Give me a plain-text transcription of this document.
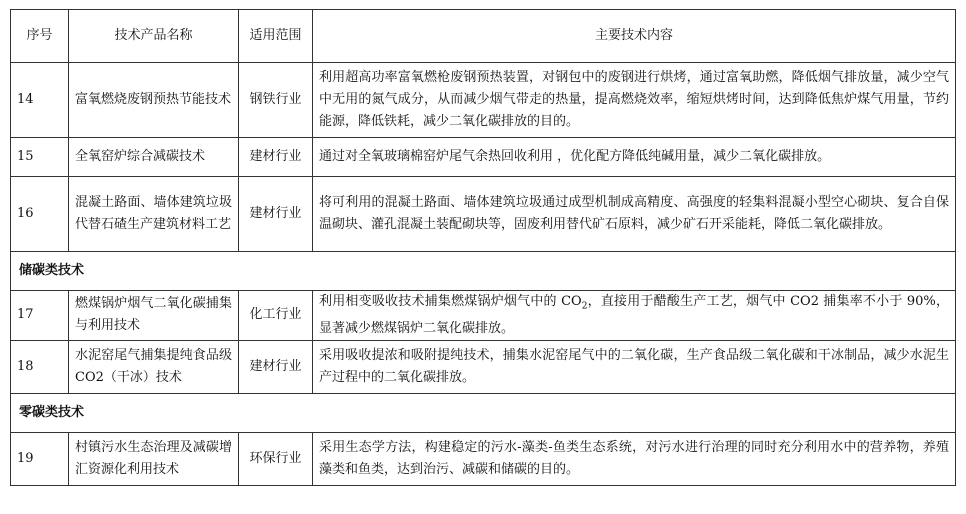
序号	技术产品名称	适用范围	主要技术内容
14	富氧燃烧废钢预热节能技术	钢铁行业	利用超高功率富氧燃枪废钢预热装置，对钢包中的废钢进行烘烤，通过富氧助燃，降低烟气排放量，减少空气中无用的氮气成分，从而减少烟气带走的热量，提高燃烧效率，缩短烘烤时间，达到降低焦炉煤气用量，节约能源，降低铁耗，减少二氧化碳排放的目的。
15	全氧窑炉综合减碳技术	建材行业	通过对全氧玻璃棉窑炉尾气余热回收利用 ，优化配方降低纯碱用量，减少二氧化碳排放。
16	混凝土路面、墙体建筑垃圾代替石碴生产建筑材料工艺	建材行业	将可利用的混凝土路面、墙体建筑垃圾通过成型机制成高精度、高强度的轻集料混凝小型空心砌块、复合自保温砌块、灌孔混凝土装配砌块等，固废利用替代矿石原料，减少矿石开采能耗，降低二氧化碳排放。
储碳类技术			
17	燃煤锅炉烟气二氧化碳捕集与利用技术	化工行业	利用相变吸收技术捕集燃煤锅炉烟气中的 $CO_2$，直接用于醋酸生产工艺，烟气中 CO2 捕集率不小于 90%，显著减少燃煤锅炉二氧化碳排放。
18	水泥窑尾气捕集提纯食品级 CO2（干冰）技术	建材行业	采用吸收提浓和吸附提纯技术，捕集水泥窑尾气中的二氧化碳，生产食品级二氧化碳和干冰制品，减少水泥生产过程中的二氧化碳排放。
零碳类技术			
19	村镇污水生态治理及减碳增汇资源化利用技术	环保行业	采用生态学方法，构建稳定的污水-藻类-鱼类生态系统，对污水进行治理的同时充分利用水中的营养物，养殖藻类和鱼类，达到治污、减碳和储碳的目的。
